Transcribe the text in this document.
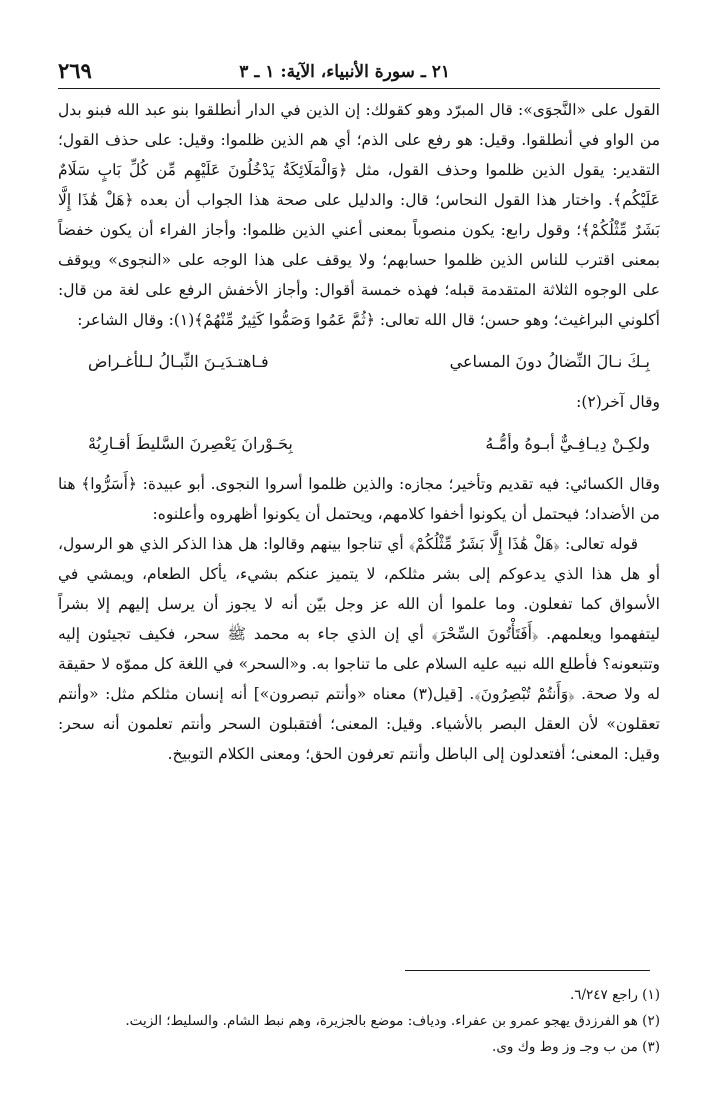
٢٦٩	٢١ ـ سورة الأنبياء، الآية: ١ ـ ٣

القول على «النَّجوَى»: قال المبرّد وهو كقولك: إن الذين في الدار أنطلقوا بنو عبد الله فبنو بدل من الواو في أنطلقوا. وقيل: هو رفع على الذم؛ أي هم الذين ظلموا: وقيل: على حذف القول؛ التقدير: يقول الذين ظلموا وحذف القول، مثل ﴿وَالْمَلَائِكَةُ يَدْخُلُونَ عَلَيْهِم مِّن كُلِّ بَابٍ سَلَامٌ عَلَيْكُم﴾. واختار هذا القول النحاس؛ قال: والدليل على صحة هذا الجواب أن بعده ﴿هَلْ هَٰذَا إِلَّا بَشَرٌ مِّثْلُكُمْ﴾؛ وقول رابع: يكون منصوباً بمعنى أعني الذين ظلموا: وأجاز الفراء أن يكون خفضاً بمعنى اقترب للناس الذين ظلموا حسابهم؛ ولا يوقف على هذا الوجه على «النجوى» ويوقف على الوجوه الثلاثة المتقدمة قبله؛ فهذه خمسة أقوال: وأجاز الأخفش الرفع على لغة من قال: أكلوني البراغيث؛ وهو حسن؛ قال الله تعالى: ﴿ثُمَّ عَمُوا وَصَمُّوا كَثِيرٌ مِّنْهُمْ﴾(١): وقال الشاعر:

بِـكَ نـالَ النِّضالُ دونَ المساعي
فـاهتـدَيـنَ النِّبـالُ لـلأغـراض

وقال آخر(٢):

ولكِـنْ دِيـافِـيٌّ أبـوهُ وأمُّـهُ
بِحَـوْرانَ يَعْصِرنَ السَّليطَ أقـارِبُهْ

وقال الكسائي: فيه تقديم وتأخير؛ مجازه: والذين ظلموا أسروا النجوى. أبو عبيدة: ﴿أَسَرُّوا﴾ هنا من الأضداد؛ فيحتمل أن يكونوا أخفوا كلامهم، ويحتمل أن يكونوا أظهروه وأعلنوه:

قوله تعالى: ﴿هَلْ هَٰذَا إِلَّا بَشَرٌ مِّثْلُكُمْ﴾ أي تناجوا بينهم وقالوا: هل هذا الذكر الذي هو الرسول، أو هل هذا الذي يدعوكم إلى بشر مثلكم، لا يتميز عنكم بشيء، يأكل الطعام، ويمشي في الأسواق كما تفعلون. وما علموا أن الله عز وجل بيّن أنه لا يجوز أن يرسل إليهم إلا بشراً ليتفهموا ويعلمهم. ﴿أَفَتَأْتُونَ السِّحْرَ﴾ أي إن الذي جاء به محمد ﷺ سحر، فكيف تجيئون إليه وتتبعونه؟ فأطلع الله نبيه عليه السلام على ما تناجوا به. و«السحر» في اللغة كل مموّه لا حقيقة له ولا صحة. ﴿وَأَنتُمْ تُبْصِرُونَ﴾. [قيل(٣) معناه «وأنتم تبصرون»] أنه إنسان مثلكم مثل: «وأنتم تعقلون» لأن العقل البصر بالأشياء. وقيل: المعنى؛ أفتقبلون السحر وأنتم تعلمون أنه سحر: وقيل: المعنى؛ أفتعدلون إلى الباطل وأنتم تعرفون الحق؛ ومعنى الكلام التوبيخ.

(١) راجع ٦/٢٤٧.

(٢) هو الفرزدق يهجو عمرو بن عفراء. ودياف: موضع بالجزيرة، وهم نبط الشام. والسليط؛ الزيت.

(٣) من ب وجـ وز وط وك وى.
